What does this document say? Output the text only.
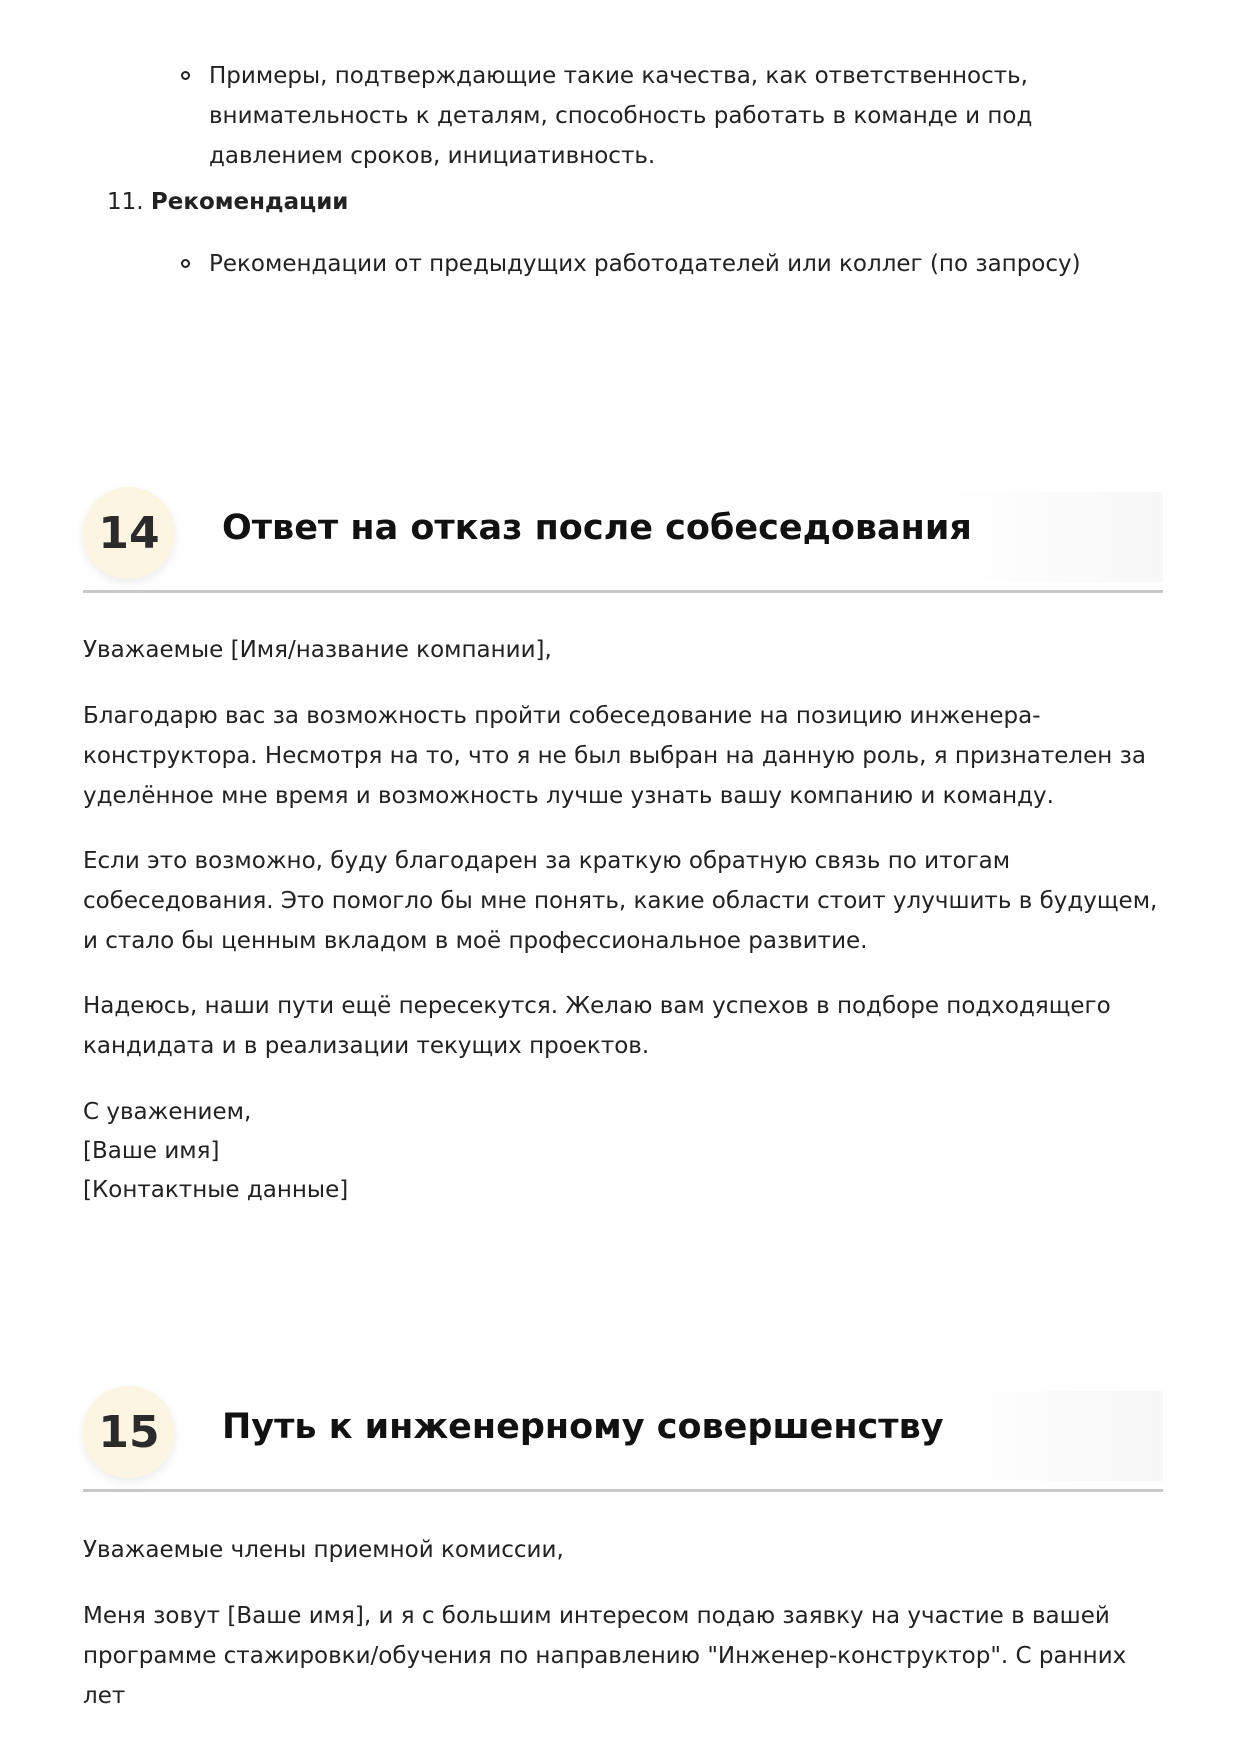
Примеры, подтверждающие такие качества, как ответственность, внимательность к деталям, способность работать в команде и под давлением сроков, инициативность.
11. Рекомендации
Рекомендации от предыдущих работодателей или коллег (по запросу)
14	Ответ на отказ после собеседования
Уважаемые [Имя/название компании],
Благодарю вас за возможность пройти собеседование на позицию инженера-конструктора. Несмотря на то, что я не был выбран на данную роль, я признателен за уделённое мне время и возможность лучше узнать вашу компанию и команду.
Если это возможно, буду благодарен за краткую обратную связь по итогам собеседования. Это помогло бы мне понять, какие области стоит улучшить в будущем, и стало бы ценным вкладом в моё профессиональное развитие.
Надеюсь, наши пути ещё пересекутся. Желаю вам успехов в подборе подходящего кандидата и в реализации текущих проектов.
С уважением,
[Ваше имя]
[Контактные данные]
15	Путь к инженерному совершенству
Уважаемые члены приемной комиссии,
Меня зовут [Ваше имя], и я с большим интересом подаю заявку на участие в вашей программе стажировки/обучения по направлению "Инженер-конструктор". С ранних лет
